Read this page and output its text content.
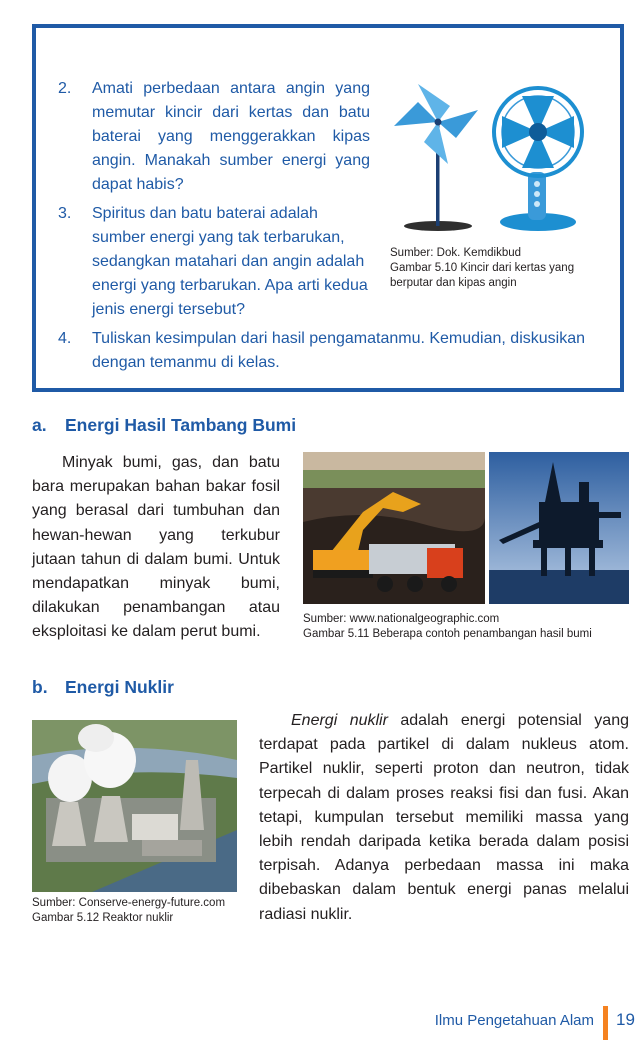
2. Amati perbedaan antara angin yang memutar kincir dari kertas dan batu baterai yang menggerakkan kipas angin. Manakah sumber energi yang dapat habis?
3. Spiritus dan batu baterai adalah sumber energi yang tak terbarukan, sedangkan matahari dan angin adalah energi yang terbarukan. Apa arti kedua jenis energi tersebut?
4. Tuliskan kesimpulan dari hasil pengamatanmu. Kemudian, diskusikan dengan temanmu di kelas.
Sumber: Dok. Kemdikbud
Gambar 5.10 Kincir dari kertas yang berputar dan kipas angin
a. Energi Hasil Tambang Bumi
Minyak bumi, gas, dan batu bara merupakan bahan bakar fosil yang berasal dari tumbuhan dan hewan-hewan yang terkubur jutaan tahun di dalam bumi. Untuk mendapatkan minyak bumi, dilakukan penambangan atau eksploitasi ke dalam perut bumi.
Sumber: www.nationalgeographic.com
Gambar 5.11 Beberapa contoh penambangan hasil bumi
b. Energi Nuklir
Sumber: Conserve-energy-future.com
Gambar 5.12 Reaktor nuklir
Energi nuklir adalah energi potensial yang terdapat pada partikel di dalam nukleus atom. Partikel nuklir, seperti proton dan neutron, tidak terpecah di dalam proses reaksi fisi dan fusi. Akan tetapi, kumpulan tersebut memiliki massa yang lebih rendah daripada ketika berada dalam posisi terpisah. Adanya perbedaan massa ini maka dibebaskan dalam bentuk energi panas melalui radiasi nuklir.
Ilmu Pengetahuan Alam 19
